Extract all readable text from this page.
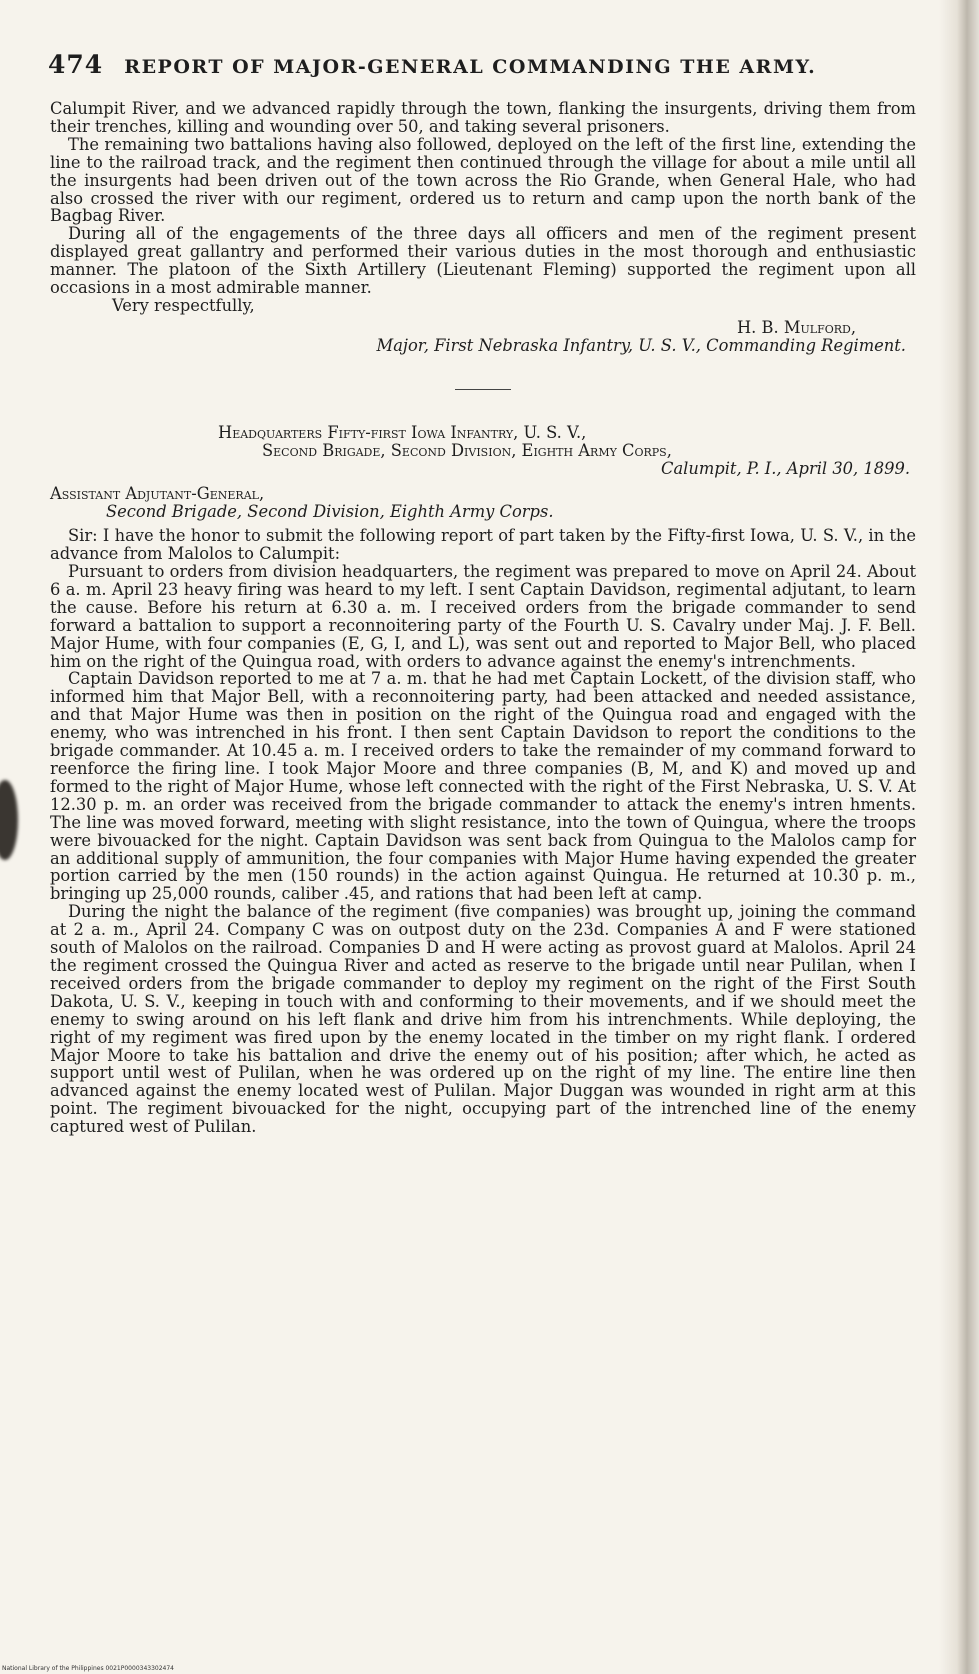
474 REPORT OF MAJOR-GENERAL COMMANDING THE ARMY.

Calumpit River, and we advanced rapidly through the town, flanking the insurgents, driving them from their trenches, killing and wounding over 50, and taking several prisoners.

The remaining two battalions having also followed, deployed on the left of the first line, extending the line to the railroad track, and the regiment then continued through the village for about a mile until all the insurgents had been driven out of the town across the Rio Grande, when General Hale, who had also crossed the river with our regiment, ordered us to return and camp upon the north bank of the Bagbag River.

During all of the engagements of the three days all officers and men of the regiment present displayed great gallantry and performed their various duties in the most thorough and enthusiastic manner. The platoon of the Sixth Artillery (Lieutenant Fleming) supported the regiment upon all occasions in a most admirable manner.

Very respectfully,

H. B. Mulford,
Major, First Nebraska Infantry, U. S. V., Commanding Regiment.
Headquarters Fifty-first Iowa Infantry, U. S. V.,
Second Brigade, Second Division, Eighth Army Corps,
Calumpit, P. I., April 30, 1899.
Assistant Adjutant-General,
Second Brigade, Second Division, Eighth Army Corps.

Sir: I have the honor to submit the following report of part taken by the Fifty-first Iowa, U. S. V., in the advance from Malolos to Calumpit:

Pursuant to orders from division headquarters, the regiment was prepared to move on April 24. About 6 a. m. April 23 heavy firing was heard to my left. I sent Captain Davidson, regimental adjutant, to learn the cause. Before his return at 6.30 a. m. I received orders from the brigade commander to send forward a battalion to support a reconnoitering party of the Fourth U. S. Cavalry under Maj. J. F. Bell. Major Hume, with four companies (E, G, I, and L), was sent out and reported to Major Bell, who placed him on the right of the Quingua road, with orders to advance against the enemy's intrenchments.

Captain Davidson reported to me at 7 a. m. that he had met Captain Lockett, of the division staff, who informed him that Major Bell, with a reconnoitering party, had been attacked and needed assistance, and that Major Hume was then in position on the right of the Quingua road and engaged with the enemy, who was intrenched in his front. I then sent Captain Davidson to report the conditions to the brigade commander. At 10.45 a. m. I received orders to take the remainder of my command forward to reenforce the firing line. I took Major Moore and three companies (B, M, and K) and moved up and formed to the right of Major Hume, whose left connected with the right of the First Nebraska, U. S. V. At 12.30 p. m. an order was received from the brigade commander to attack the enemy's intren hments. The line was moved forward, meeting with slight resistance, into the town of Quingua, where the troops were bivouacked for the night. Captain Davidson was sent back from Quingua to the Malolos camp for an additional supply of ammunition, the four companies with Major Hume having expended the greater portion carried by the men (150 rounds) in the action against Quingua. He returned at 10.30 p. m., bringing up 25,000 rounds, caliber .45, and rations that had been left at camp.

During the night the balance of the regiment (five companies) was brought up, joining the command at 2 a. m., April 24. Company C was on outpost duty on the 23d. Companies A and F were stationed south of Malolos on the railroad. Companies D and H were acting as provost guard at Malolos. April 24 the regiment crossed the Quingua River and acted as reserve to the brigade until near Pulilan, when I received orders from the brigade commander to deploy my regiment on the right of the First South Dakota, U. S. V., keeping in touch with and conforming to their movements, and if we should meet the enemy to swing around on his left flank and drive him from his intrenchments. While deploying, the right of my regiment was fired upon by the enemy located in the timber on my right flank. I ordered Major Moore to take his battalion and drive the enemy out of his position; after which, he acted as support until west of Pulilan, when he was ordered up on the right of my line. The entire line then advanced against the enemy located west of Pulilan. Major Duggan was wounded in right arm at this point. The regiment bivouacked for the night, occupying part of the intrenched line of the enemy captured west of Pulilan.

National Library of the Philippines 0021P0000343302474
